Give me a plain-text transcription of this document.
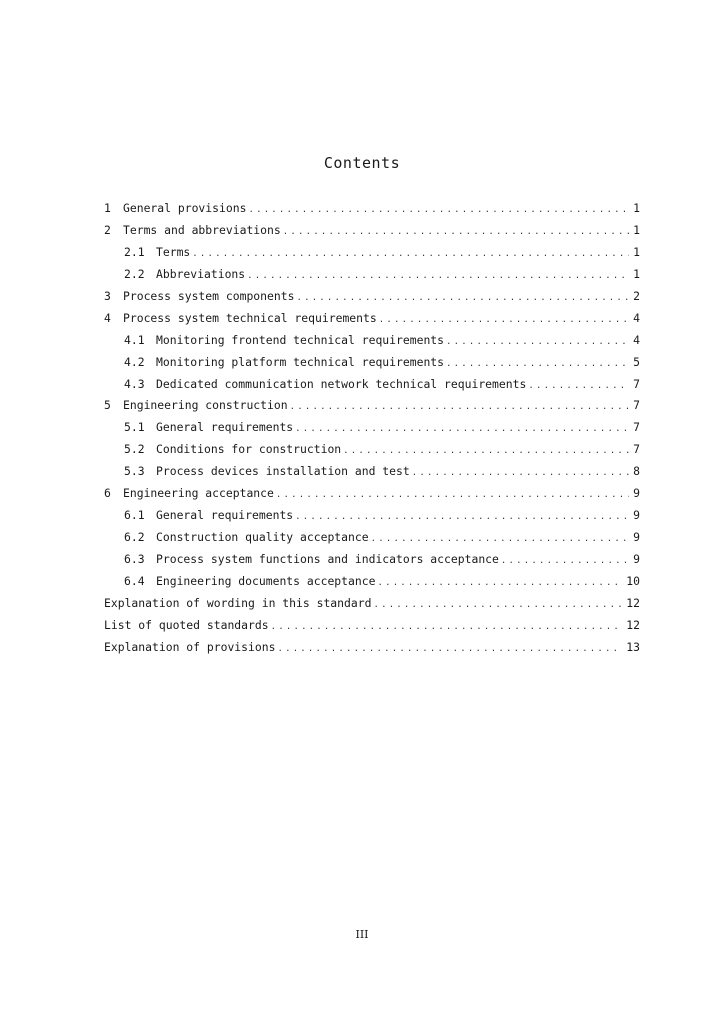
Contents
1	General provisions .....	1
2	Terms and abbreviations .....	1
2.1	Terms .....	1
2.2	Abbreviations .....	1
3	Process system components .....	2
4	Process system technical requirements .....	4
4.1	Monitoring frontend technical requirements .....	4
4.2	Monitoring platform technical requirements .....	5
4.3	Dedicated communication network technical requirements .....	7
5	Engineering construction .....	7
5.1	General requirements .....	7
5.2	Conditions for construction .....	7
5.3	Process devices installation and test .....	8
6	Engineering acceptance .....	9
6.1	General requirements .....	9
6.2	Construction quality acceptance .....	9
6.3	Process system functions and indicators acceptance .....	9
6.4	Engineering documents acceptance .....	10
Explanation of wording in this standard .....	12
List of quoted standards .....	12
Explanation of provisions .....	13
III
